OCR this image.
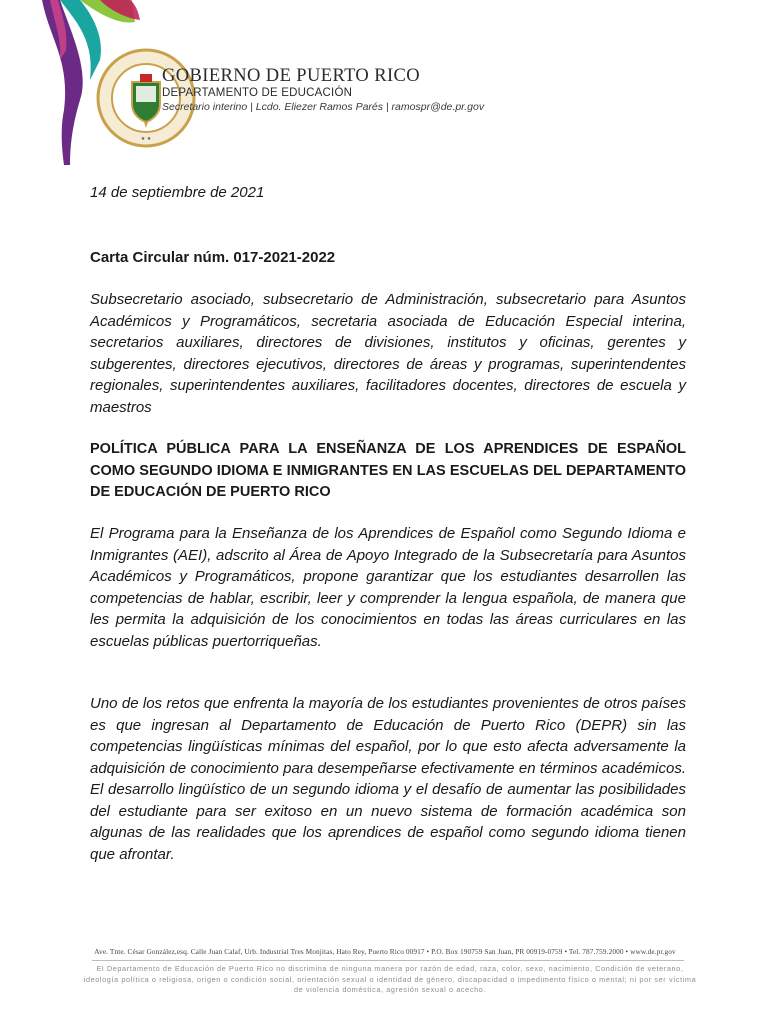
★ ★
GOBIERNO DE PUERTO RICO
DEPARTAMENTO DE EDUCACIÓN
Secretario interino | Lcdo. Eliezer Ramos Parés | ramospr@de.pr.gov
14 de septiembre de 2021
Carta Circular núm. 017-2021-2022
Subsecretario asociado, subsecretario de Administración, subsecretario para Asuntos Académicos y Programáticos, secretaria asociada de Educación Especial interina, secretarios auxiliares, directores de divisiones, institutos y oficinas, gerentes y subgerentes, directores ejecutivos, directores de áreas y programas, superintendentes regionales, superintendentes auxiliares, facilitadores docentes, directores de escuela y maestros
POLÍTICA PÚBLICA PARA LA ENSEÑANZA DE LOS APRENDICES DE ESPAÑOL COMO SEGUNDO IDIOMA E INMIGRANTES EN LAS ESCUELAS DEL DEPARTAMENTO DE EDUCACIÓN DE PUERTO RICO
El Programa para la Enseñanza de los Aprendices de Español como Segundo Idioma e Inmigrantes (AEI), adscrito al Área de Apoyo Integrado de la Subsecretaría para Asuntos Académicos y Programáticos, propone garantizar que los estudiantes desarrollen las competencias de hablar, escribir, leer y comprender la lengua española, de manera que les permita la adquisición de los conocimientos en todas las áreas curriculares en las escuelas públicas puertorriqueñas.
Uno de los retos que enfrenta la mayoría de los estudiantes provenientes de otros países es que ingresan al Departamento de Educación de Puerto Rico (DEPR) sin las competencias lingüísticas mínimas del español, por lo que esto afecta adversamente la adquisición de conocimiento para desempeñarse efectivamente en términos académicos. El desarrollo lingüístico de un segundo idioma y el desafío de aumentar las posibilidades del estudiante para ser exitoso en un nuevo sistema de formación académica son algunas de las realidades que los aprendices de español como segundo idioma tienen que afrontar.
Ave. Tnte. César González,esq. Calle Juan Calaf, Urb. Industrial Tres Monjitas, Hato Rey, Puerto Rico 00917 • P.O. Box 190759 San Juan, PR 00919-0759 • Tel. 787.759.2000 • www.de.pr.gov
El Departamento de Educación de Puerto Rico no discrimina de ninguna manera por razón de edad, raza, color, sexo, nacimiento, Condición de veterano, ideología política o religiosa, origen o condición social, orientación sexual o identidad de género, discapacidad o impedimento físico o mental; ni por ser víctima de violencia doméstica, agresión sexual o acecho.
